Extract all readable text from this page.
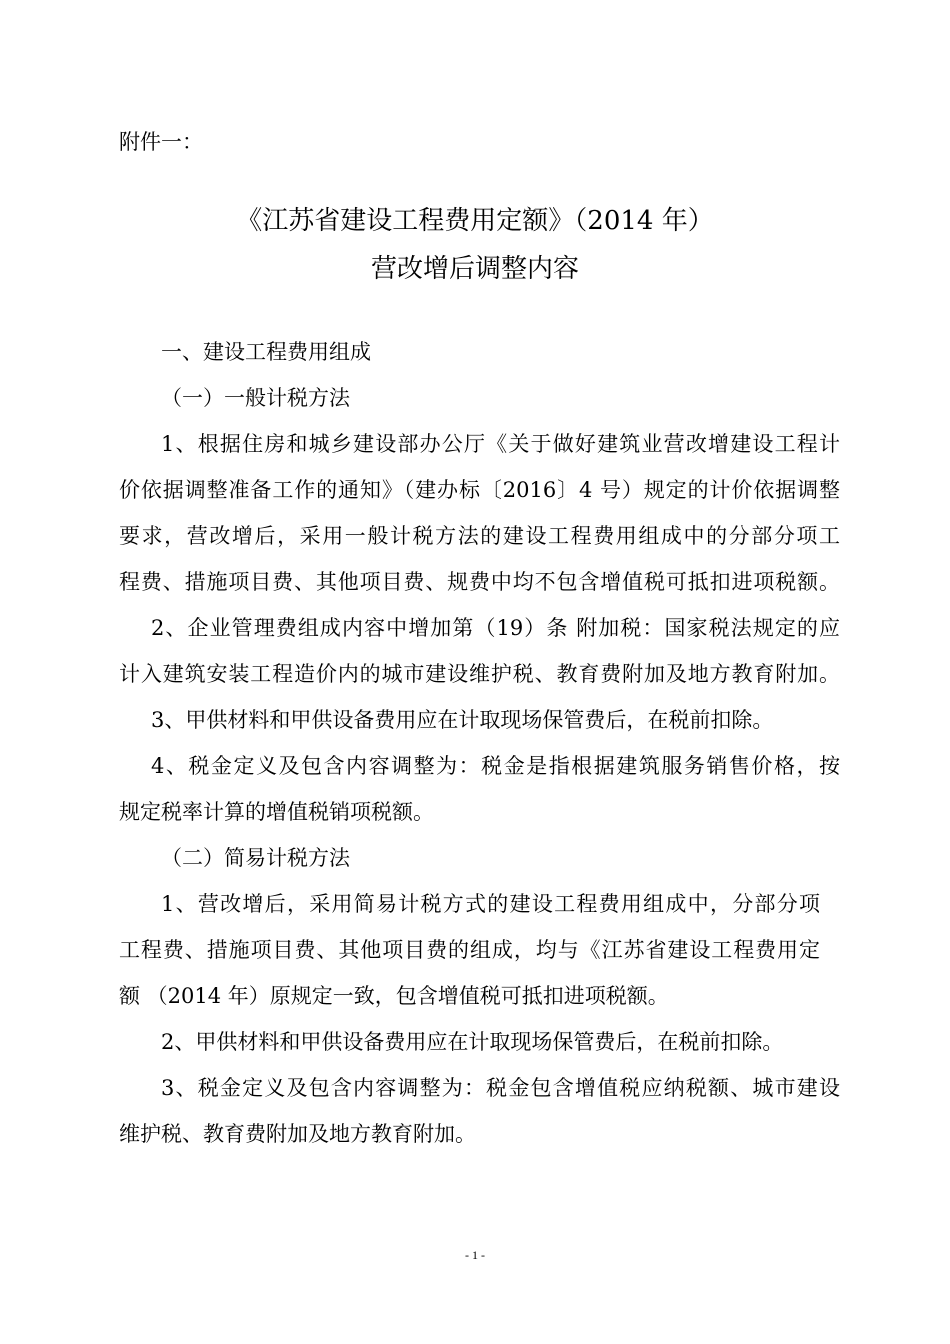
附件一：
《江苏省建设工程费用定额》（2014 年）
营改增后调整内容
一、建设工程费用组成
（一）一般计税方法
1、根据住房和城乡建设部办公厅《关于做好建筑业营改增建设工程计
价依据调整准备工作的通知》（建办标〔2016〕4 号）规定的计价依据调整
要求，营改增后，采用一般计税方法的建设工程费用组成中的分部分项工
程费、措施项目费、其他项目费、规费中均不包含增值税可抵扣进项税额。
2、企业管理费组成内容中增加第（19）条 附加税：国家税法规定的应
计入建筑安装工程造价内的城市建设维护税、教育费附加及地方教育附加。
3、甲供材料和甲供设备费用应在计取现场保管费后，在税前扣除。
4、税金定义及包含内容调整为：税金是指根据建筑服务销售价格，按
规定税率计算的增值税销项税额。
（二）简易计税方法
1、营改增后，采用简易计税方式的建设工程费用组成中，分部分项
工程费、措施项目费、其他项目费的组成，均与《江苏省建设工程费用定
额 （2014 年）原规定一致，包含增值税可抵扣进项税额。
2、甲供材料和甲供设备费用应在计取现场保管费后，在税前扣除。
3、税金定义及包含内容调整为：税金包含增值税应纳税额、城市建设
维护税、教育费附加及地方教育附加。
- 1 -
